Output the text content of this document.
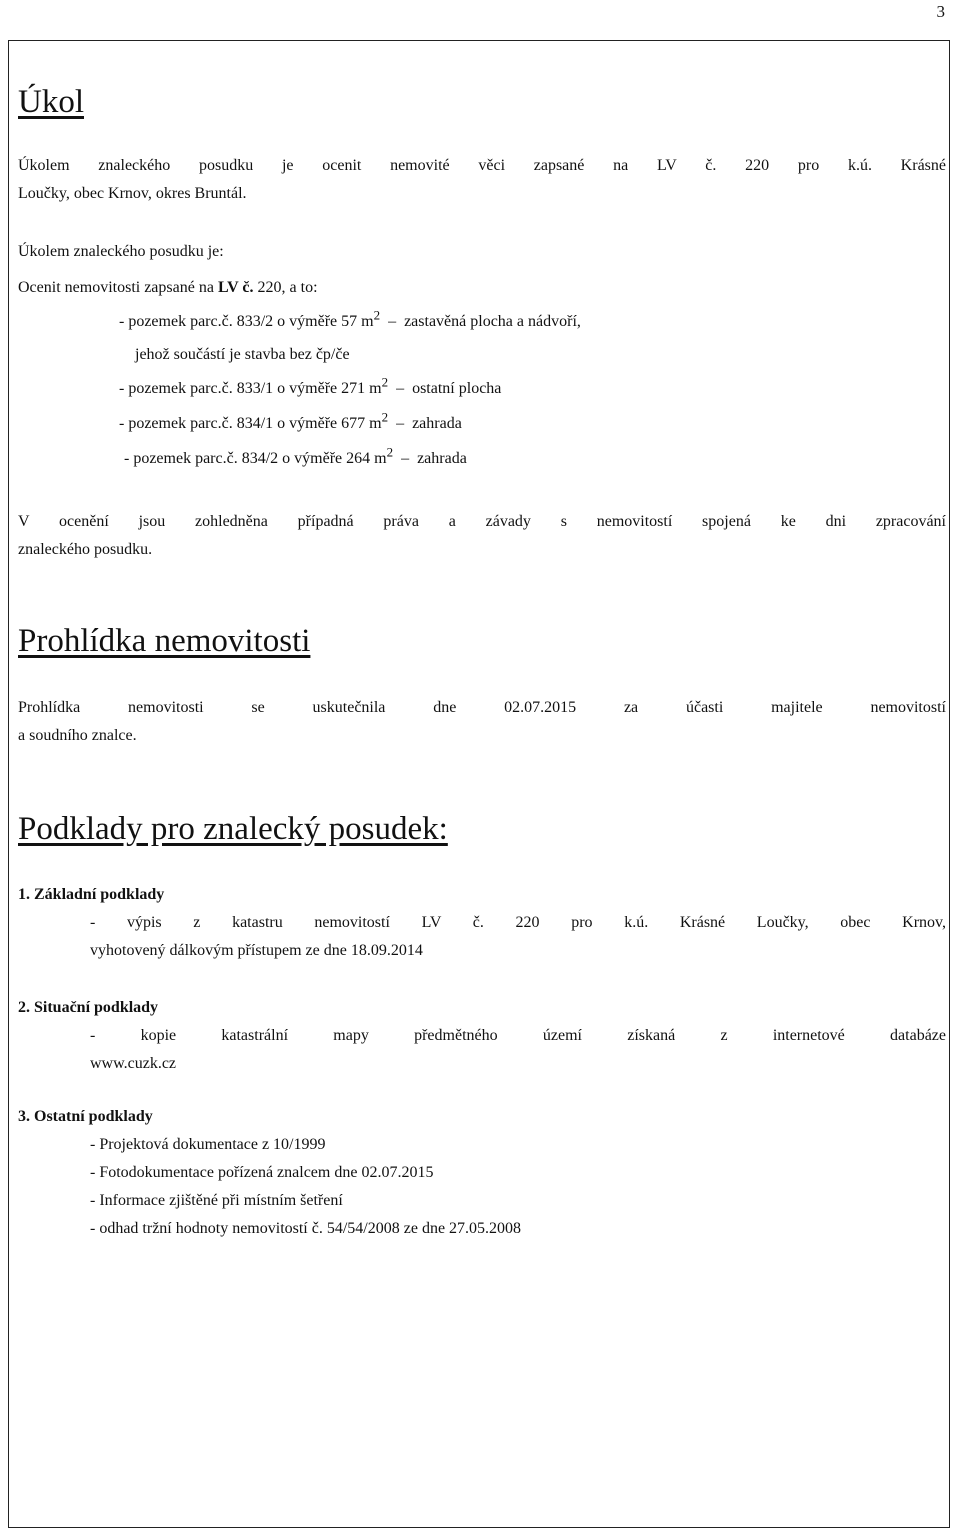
3
Úkol
Úkolem znaleckého posudku je ocenit nemovité věci zapsané na LV č. 220 pro k.ú. Krásné
Loučky, obec Krnov, okres Bruntál.
Úkolem znaleckého posudku je:
Ocenit nemovitosti zapsané na LV č. 220, a to:
- pozemek parc.č. 833/2 o výměře 57 $m^2$ – zastavěná plocha a nádvoří,
jehož součástí je stavba bez čp/če
- pozemek parc.č. 833/1 o výměře 271 $m^2$ – ostatní plocha
- pozemek parc.č. 834/1 o výměře 677 $m^2$ – zahrada
- pozemek parc.č. 834/2 o výměře 264 $m^2$ – zahrada
V ocenění jsou zohledněna případná práva a závady s nemovitostí spojená ke dni zpracování
znaleckého posudku.
Prohlídka nemovitosti
Prohlídka nemovitosti se uskutečnila dne 02.07.2015 za účasti majitele nemovitostí
a soudního znalce.
Podklady pro znalecký posudek:
1. Základní podklady
- výpis z katastru nemovitostí LV č. 220 pro k.ú. Krásné Loučky, obec Krnov,
vyhotovený dálkovým přístupem ze dne 18.09.2014
2. Situační podklady
- kopie katastrální mapy předmětného území získaná z internetové databáze
www.cuzk.cz
3. Ostatní podklady
- Projektová dokumentace z 10/1999
- Fotodokumentace pořízená znalcem dne 02.07.2015
- Informace zjištěné při místním šetření
- odhad tržní hodnoty nemovitostí č. 54/54/2008 ze dne 27.05.2008
